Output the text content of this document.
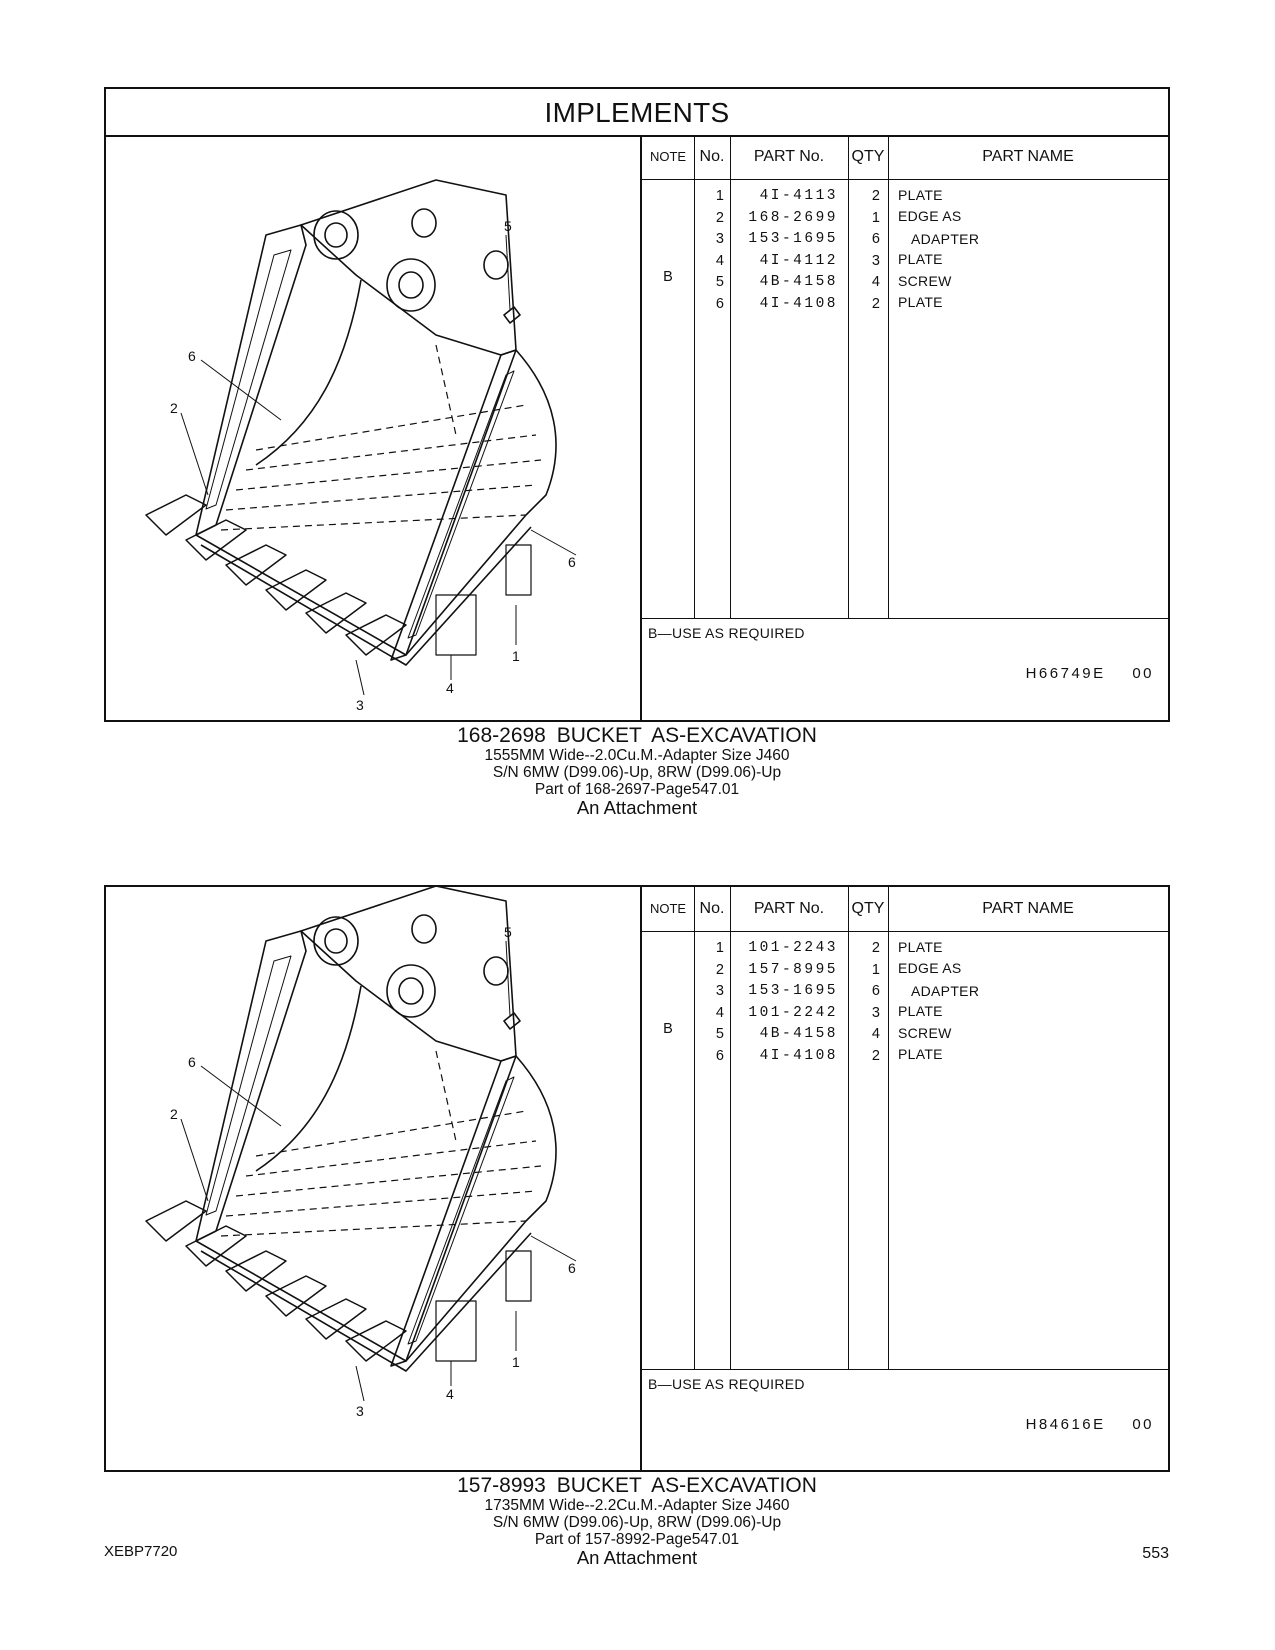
IMPLEMENTS
5
6
2
6
1
4
3
NOTE No.	PART No.	QTY	PART NAME
B
1	4I-4113	2 PLATE
2	168-2699	1 EDGE AS
3	153-1695	6 ADAPTER
4	4I-4112	3 PLATE
5	4B-4158	4 SCREW
6	4I-4108	2 PLATE
B—USE AS REQUIRED
H66749E 00
168‑2698 BUCKET AS‑EXCAVATION
1555MM Wide‑‑2.0Cu.M.‑Adapter Size J460
S/N 6MW (D99.06)‑Up, 8RW (D99.06)‑Up
Part of 168‑2697‑Page547.01
An Attachment
5
6
2
6
1
4
3
NOTE No.	PART No.	QTY	PART NAME
B
1	101-2243	2 PLATE
2	157-8995	1 EDGE AS
3	153-1695	6 ADAPTER
4	101-2242	3 PLATE
5	4B-4158	4 SCREW
6	4I-4108	2 PLATE
B—USE AS REQUIRED
H84616E 00
157‑8993 BUCKET AS‑EXCAVATION
1735MM Wide‑‑2.2Cu.M.‑Adapter Size J460
S/N 6MW (D99.06)‑Up, 8RW (D99.06)‑Up
Part of 157‑8992‑Page547.01
An Attachment
XEBP7720	553
